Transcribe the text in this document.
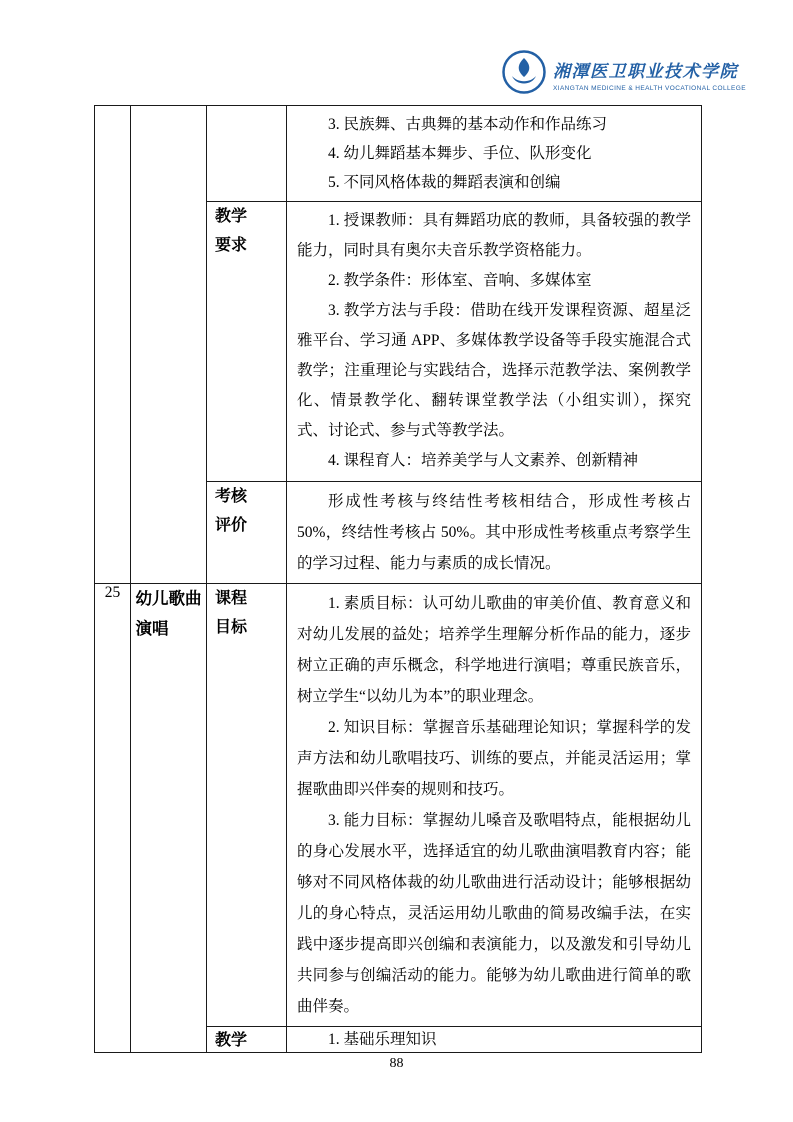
湘潭医卫职业技术学院
XIANGTAN MEDICINE & HEALTH VOCATIONAL COLLEGE

			3. 民族舞、古典舞的基本动作和作品练习

4. 幼儿舞蹈基本舞步、手位、队形变化

5. 不同风格体裁的舞蹈表演和创编

		教学要求	1. 授课教师：具有舞蹈功底的教师，具备较强的教学能力，同时具有奥尔夫音乐教学资格能力。

2. 教学条件：形体室、音响、多媒体室

3. 教学方法与手段：借助在线开发课程资源、超星泛雅平台、学习通 APP、多媒体教学设备等手段实施混合式教学；注重理论与实践结合，选择示范教学法、案例教学化、情景教学化、翻转课堂教学法（小组实训），探究式、讨论式、参与式等教学法。

4. 课程育人：培养美学与人文素养、创新精神

		考核评价	形成性考核与终结性考核相结合，形成性考核占 50%，终结性考核占 50%。其中形成性考核重点考察学生的学习过程、能力与素质的成长情况。

25	幼儿歌曲演唱	课程目标	1. 素质目标：认可幼儿歌曲的审美价值、教育意义和对幼儿发展的益处；培养学生理解分析作品的能力，逐步树立正确的声乐概念，科学地进行演唱；尊重民族音乐，树立学生“以幼儿为本”的职业理念。

2. 知识目标：掌握音乐基础理论知识；掌握科学的发声方法和幼儿歌唱技巧、训练的要点，并能灵活运用；掌握歌曲即兴伴奏的规则和技巧。

3. 能力目标：掌握幼儿嗓音及歌唱特点，能根据幼儿的身心发展水平，选择适宜的幼儿歌曲演唱教育内容；能够对不同风格体裁的幼儿歌曲进行活动设计；能够根据幼儿的身心特点，灵活运用幼儿歌曲的简易改编手法，在实践中逐步提高即兴创编和表演能力，以及激发和引导幼儿共同参与创编活动的能力。能够为幼儿歌曲进行简单的歌曲伴奏。

		教学	1. 基础乐理知识

88
